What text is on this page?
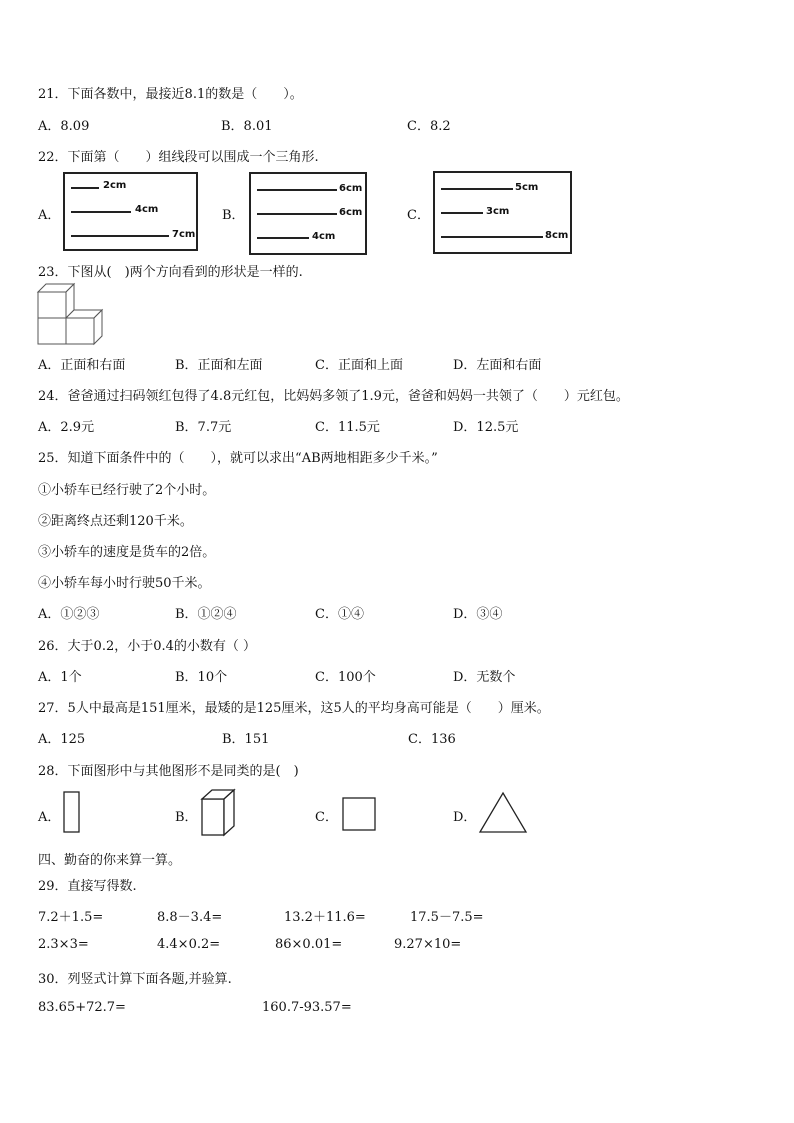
21．下面各数中，最接近8.1的数是（　　）。
A．8.09	B．8.01	C．8.2
22．下面第（　　）组线段可以围成一个三角形.
A．
2cm
4cm
7cm
B．
6cm
6cm
4cm
C．
5cm
3cm
8cm
23．下图从(　)两个方向看到的形状是一样的.
A．正面和右面	B．正面和左面	C．正面和上面	D．左面和右面
24．爸爸通过扫码领红包得了4.8元红包，比妈妈多领了1.9元，爸爸和妈妈一共领了（　　）元红包。
A．2.9元	B．7.7元	C．11.5元	D．12.5元
25．知道下面条件中的（　　），就可以求出“AB两地相距多少千米。”
①小轿车已经行驶了2个小时。
②距离终点还剩120千米。
③小轿车的速度是货车的2倍。
④小轿车每小时行驶50千米。
A．①②③	B．①②④	C．①④	D．③④
26．大于0.2，小于0.4的小数有（ ）
A．1个	B．10个	C．100个	D．无数个
27．5人中最高是151厘米，最矮的是125厘米，这5人的平均身高可能是（　　）厘米。
A．125	B．151	C．136
28．下面图形中与其他图形不是同类的是(　)
A．	B．	C．	D．
四、勤奋的你来算一算。
29．直接写得数.
7.2＋1.5=	8.8－3.4=	13.2＋11.6=	17.5－7.5=
2.3×3=	4.4×0.2=	86×0.01=	9.27×10=
30．列竖式计算下面各题,并验算.
83.65+72.7=	160.7-93.57=
